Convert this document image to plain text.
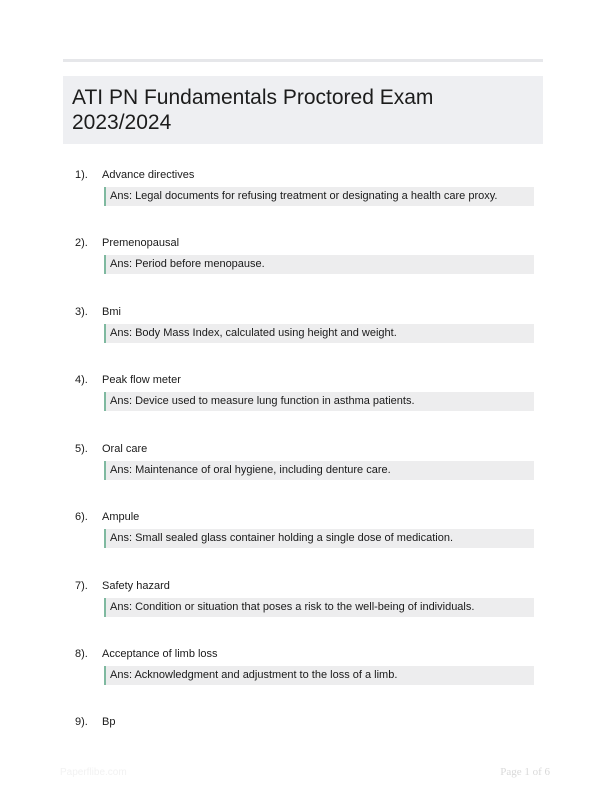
ATI PN Fundamentals Proctored Exam
2023/2024
1). Advance directives
Ans: Legal documents for refusing treatment or designating a health care proxy.
2). Premenopausal
Ans: Period before menopause.
3). Bmi
Ans: Body Mass Index, calculated using height and weight.
4). Peak flow meter
Ans: Device used to measure lung function in asthma patients.
5). Oral care
Ans: Maintenance of oral hygiene, including denture care.
6). Ampule
Ans: Small sealed glass container holding a single dose of medication.
7). Safety hazard
Ans: Condition or situation that poses a risk to the well-being of individuals.
8). Acceptance of limb loss
Ans: Acknowledgment and adjustment to the loss of a limb.
9). Bp
Paperflibe.com	Page 1 of 6
